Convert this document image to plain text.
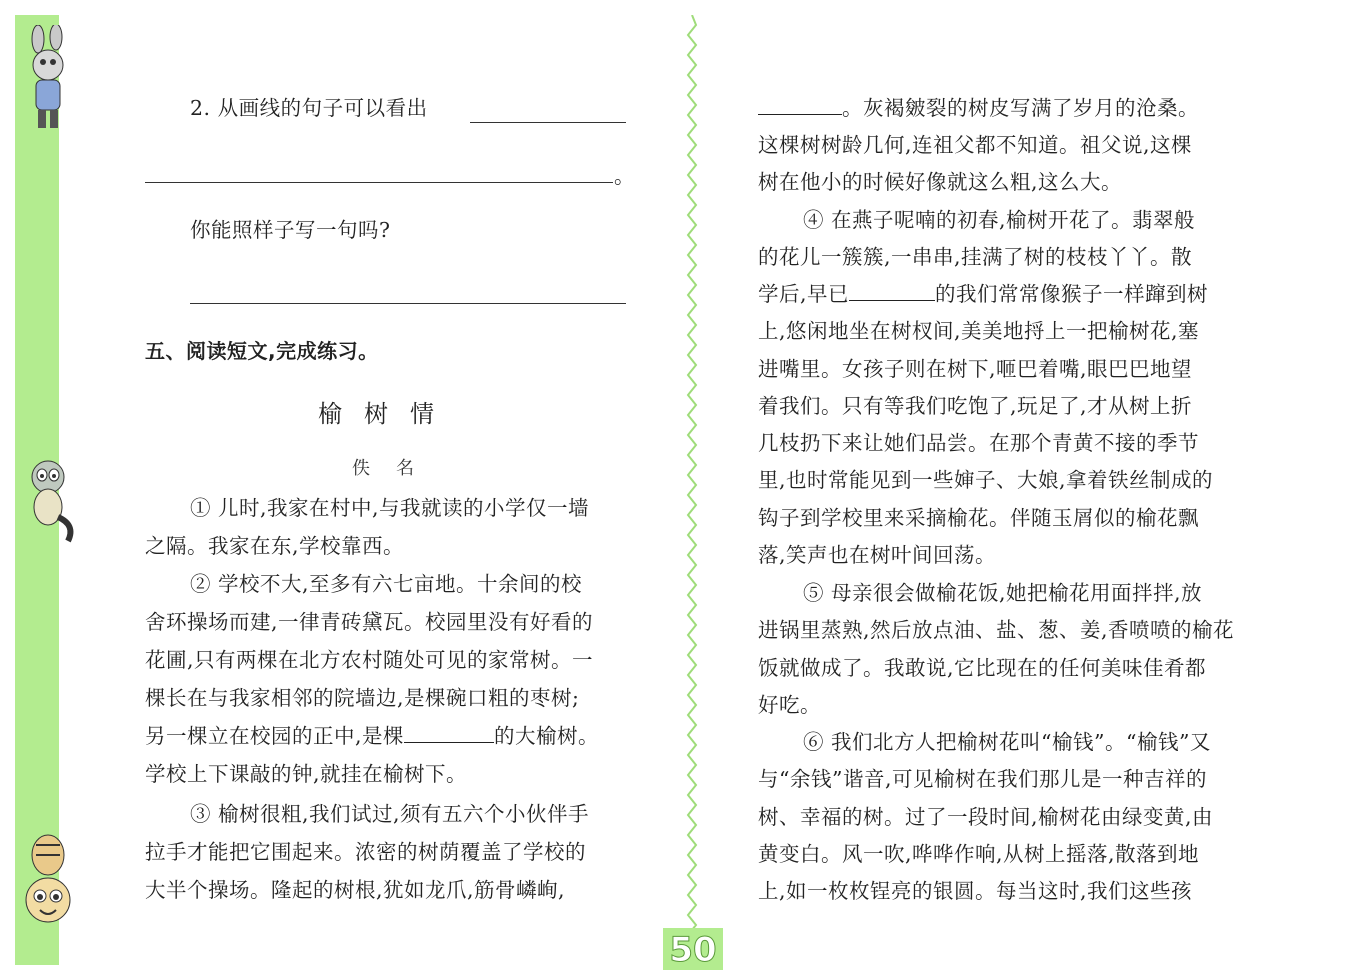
2. 从画线的句子可以看出
。
你能照样子写一句吗?
五、阅读短文,完成练习。
榆树情
佚名
① 儿时,我家在村中,与我就读的小学仅一墙
之隔。我家在东,学校靠西。
② 学校不大,至多有六七亩地。十余间的校
舍环操场而建,一律青砖黛瓦。校园里没有好看的
花圃,只有两棵在北方农村随处可见的家常树。一
棵长在与我家相邻的院墙边,是棵碗口粗的枣树;
另一棵立在校园的正中,是棵	的大榆树。
学校上下课敲的钟,就挂在榆树下。
③ 榆树很粗,我们试过,须有五六个小伙伴手
拉手才能把它围起来。浓密的树荫覆盖了学校的
大半个操场。隆起的树根,犹如龙爪,筋骨嶙峋,
。灰褐皴裂的树皮写满了岁月的沧桑。
这棵树树龄几何,连祖父都不知道。祖父说,这棵
树在他小的时候好像就这么粗,这么大。
④ 在燕子呢喃的初春,榆树开花了。翡翠般
的花儿一簇簇,一串串,挂满了树的枝枝丫丫。散
学后,早已	的我们常常像猴子一样蹿到树
上,悠闲地坐在树杈间,美美地捋上一把榆树花,塞
进嘴里。女孩子则在树下,咂巴着嘴,眼巴巴地望
着我们。只有等我们吃饱了,玩足了,才从树上折
几枝扔下来让她们品尝。在那个青黄不接的季节
里,也时常能见到一些婶子、大娘,拿着铁丝制成的
钩子到学校里来采摘榆花。伴随玉屑似的榆花飘
落,笑声也在树叶间回荡。
⑤ 母亲很会做榆花饭,她把榆花用面拌拌,放
进锅里蒸熟,然后放点油、盐、葱、姜,香喷喷的榆花
饭就做成了。我敢说,它比现在的任何美味佳肴都
好吃。
⑥ 我们北方人把榆树花叫“榆钱”。“榆钱”又
与“余钱”谐音,可见榆树在我们那儿是一种吉祥的
树、幸福的树。过了一段时间,榆树花由绿变黄,由
黄变白。风一吹,哗哗作响,从树上摇落,散落到地
上,如一枚枚锃亮的银圆。每当这时,我们这些孩
50
